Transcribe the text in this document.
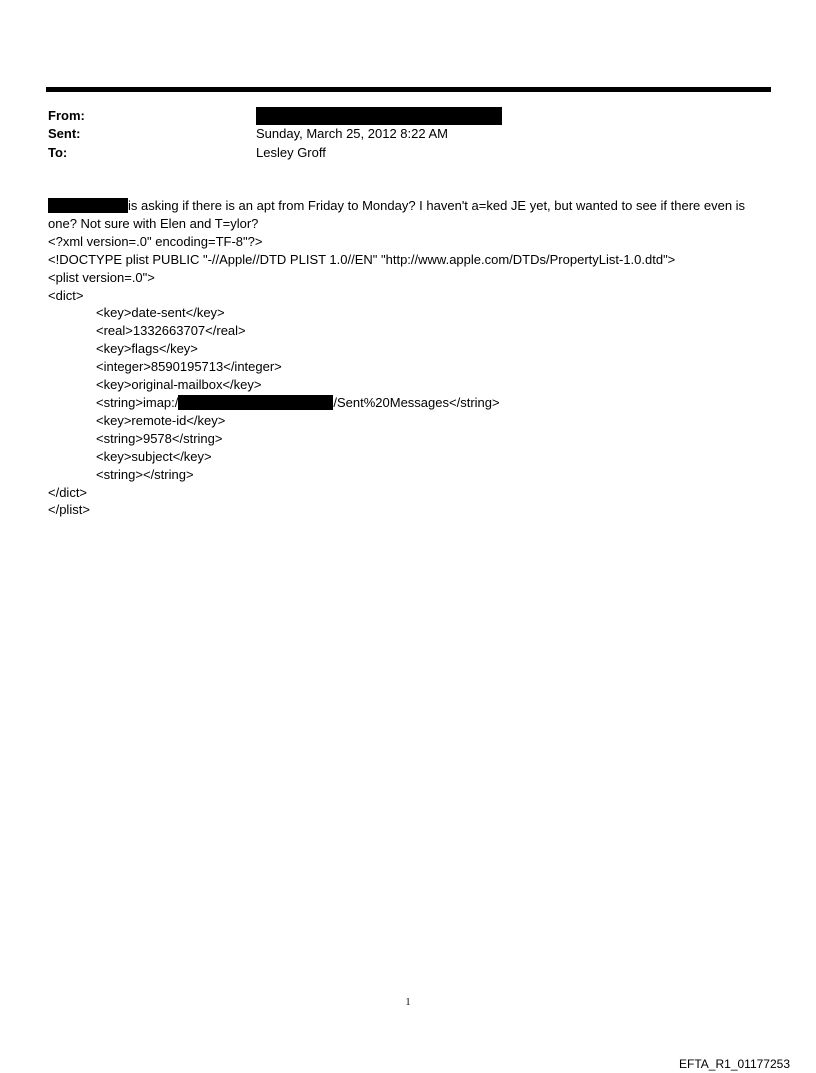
From:
Sent:	Sunday, March 25, 2012 8:22 AM
To:	Lesley Groff
is asking if there is an apt from Friday to Monday? I haven't a=ked JE yet, but wanted to see if there even is
one? Not sure with Elen and T=ylor?
<?xml version=.0" encoding=TF-8"?>
<!DOCTYPE plist PUBLIC "-//Apple//DTD PLIST 1.0//EN" "http://www.apple.com/DTDs/PropertyList-1.0.dtd">
<plist version=.0">
<dict>
<key>date-sent</key>
<real>1332663707</real>
<key>flags</key>
<integer>8590195713</integer>
<key>original-mailbox</key>
<string>imap:/	/Sent%20Messages</string>
<key>remote-id</key>
<string>9578</string>
<key>subject</key>
<string></string>
</dict>
</plist>
1
EFTA_R1_01177253
